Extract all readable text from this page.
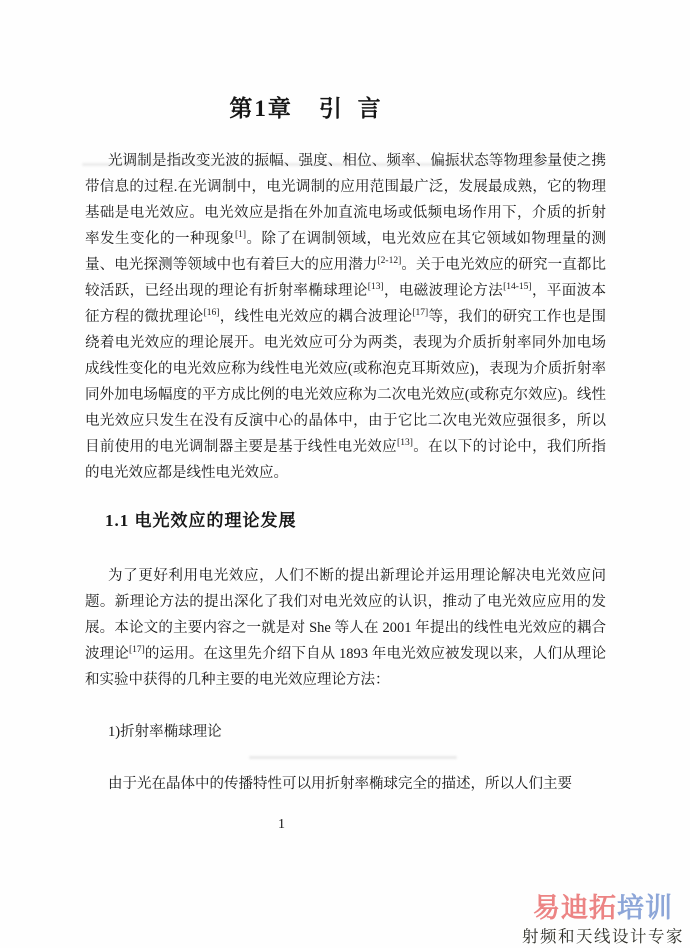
第1章 引 言

光调制是指改变光波的振幅、强度、相位、频率、偏振状态等物理参量使之携带信息的过程.在光调制中，电光调制的应用范围最广泛，发展最成熟，它的物理基础是电光效应。电光效应是指在外加直流电场或低频电场作用下，介质的折射率发生变化的一种现象[1]。除了在调制领域，电光效应在其它领域如物理量的测量、电光探测等领域中也有着巨大的应用潜力[2-12]。关于电光效应的研究一直都比较活跃，已经出现的理论有折射率椭球理论[13]，电磁波理论方法[14-15]，平面波本征方程的微扰理论[16]，线性电光效应的耦合波理论[17]等，我们的研究工作也是围绕着电光效应的理论展开。电光效应可分为两类，表现为介质折射率同外加电场成线性变化的电光效应称为线性电光效应(或称泡克耳斯效应)，表现为介质折射率同外加电场幅度的平方成比例的电光效应称为二次电光效应(或称克尔效应)。线性电光效应只发生在没有反演中心的晶体中，由于它比二次电光效应强很多，所以目前使用的电光调制器主要是基于线性电光效应[13]。在以下的讨论中，我们所指的电光效应都是线性电光效应。

1.1 电光效应的理论发展

为了更好利用电光效应，人们不断的提出新理论并运用理论解决电光效应问题。新理论方法的提出深化了我们对电光效应的认识，推动了电光效应应用的发展。本论文的主要内容之一就是对 She 等人在 2001 年提出的线性电光效应的耦合波理论[17]的运用。在这里先介绍下自从 1893 年电光效应被发现以来，人们从理论和实验中获得的几种主要的电光效应理论方法：

1)折射率椭球理论

由于光在晶体中的传播特性可以用折射率椭球完全的描述，所以人们主要

1
易迪拓培训
射频和天线设计专家
